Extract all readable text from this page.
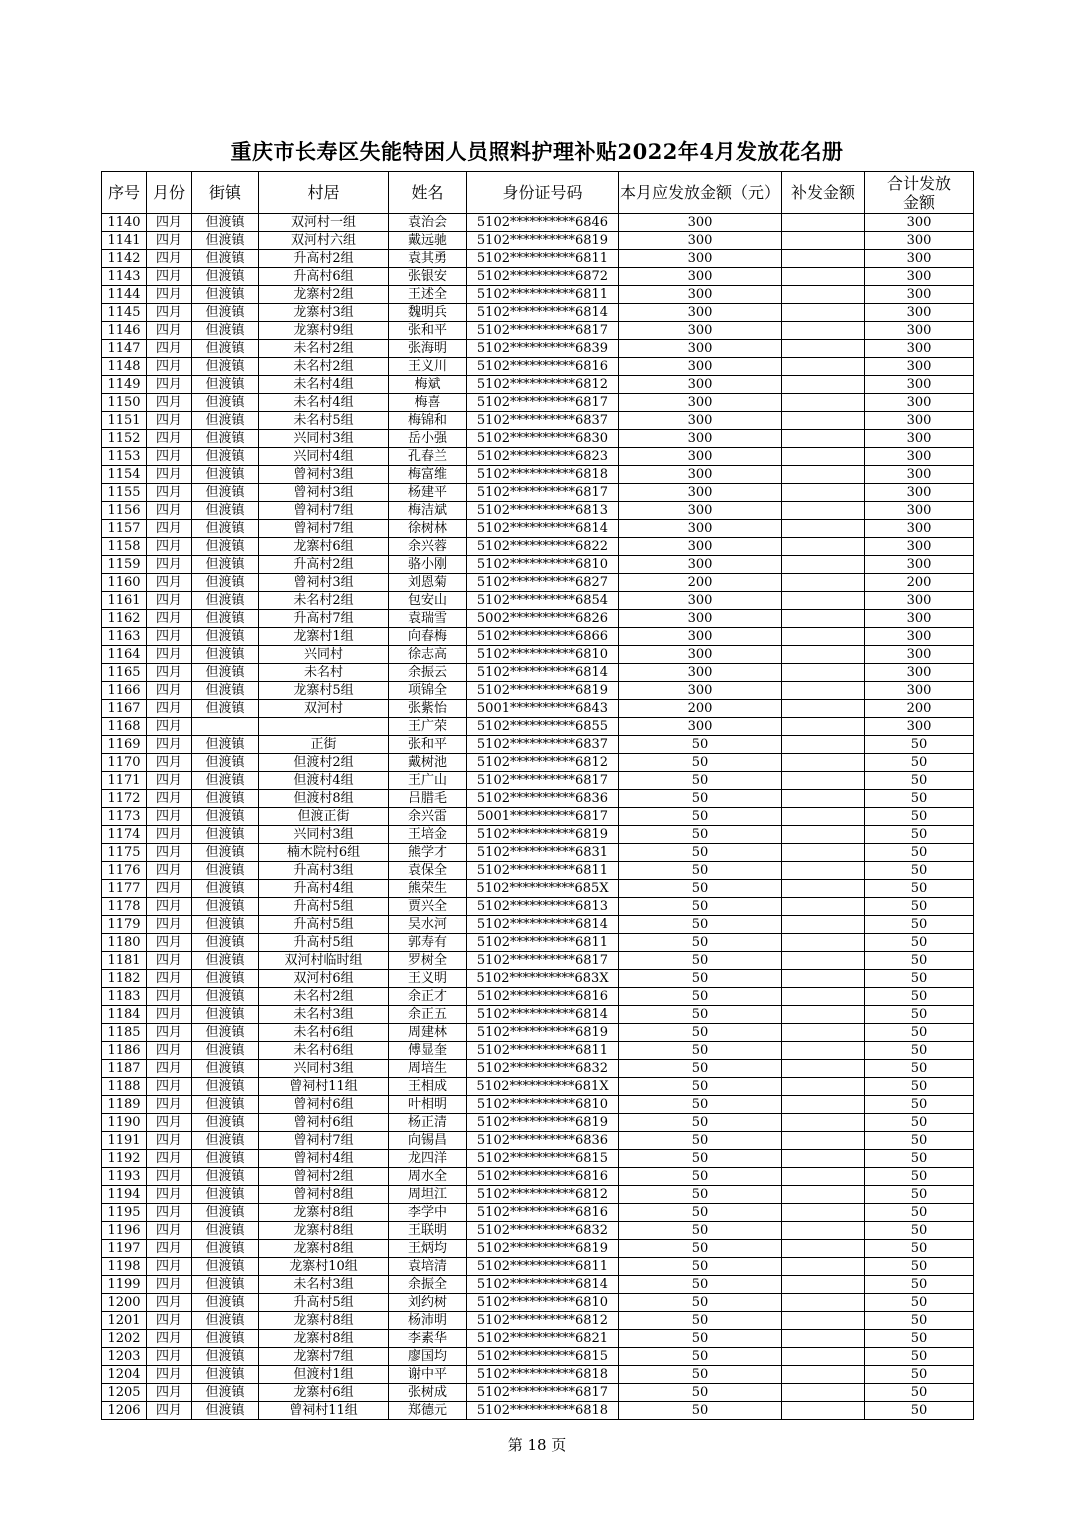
重庆市长寿区失能特困人员照料护理补贴2022年4月发放花名册
序号	月份	街镇	村居	姓名	身份证号码	本月应发放金额（元）	补发金额	合计发放金额
1140	四月	但渡镇	双河村一组	袁治会	5102**********6846	300		300
1141	四月	但渡镇	双河村六组	戴远驰	5102**********6819	300		300
1142	四月	但渡镇	升高村2组	袁其勇	5102**********6811	300		300
1143	四月	但渡镇	升高村6组	张银安	5102**********6872	300		300
1144	四月	但渡镇	龙寨村2组	王述全	5102**********6811	300		300
1145	四月	但渡镇	龙寨村3组	魏明兵	5102**********6814	300		300
1146	四月	但渡镇	龙寨村9组	张和平	5102**********6817	300		300
1147	四月	但渡镇	未名村2组	张海明	5102**********6839	300		300
1148	四月	但渡镇	未名村2组	王义川	5102**********6816	300		300
1149	四月	但渡镇	未名村4组	梅斌	5102**********6812	300		300
1150	四月	但渡镇	未名村4组	梅喜	5102**********6817	300		300
1151	四月	但渡镇	未名村5组	梅锦和	5102**********6837	300		300
1152	四月	但渡镇	兴同村3组	岳小强	5102**********6830	300		300
1153	四月	但渡镇	兴同村4组	孔春兰	5102**********6823	300		300
1154	四月	但渡镇	曾祠村3组	梅富维	5102**********6818	300		300
1155	四月	但渡镇	曾祠村3组	杨建平	5102**********6817	300		300
1156	四月	但渡镇	曾祠村7组	梅洁斌	5102**********6813	300		300
1157	四月	但渡镇	曾祠村7组	徐树林	5102**********6814	300		300
1158	四月	但渡镇	龙寨村6组	余兴蓉	5102**********6822	300		300
1159	四月	但渡镇	升高村2组	骆小刚	5102**********6810	300		300
1160	四月	但渡镇	曾祠村3组	刘恩菊	5102**********6827	200		200
1161	四月	但渡镇	未名村2组	包安山	5102**********6854	300		300
1162	四月	但渡镇	升高村7组	袁瑞雪	5002**********6826	300		300
1163	四月	但渡镇	龙寨村1组	向春梅	5102**********6866	300		300
1164	四月	但渡镇	兴同村	徐志高	5102**********6810	300		300
1165	四月	但渡镇	未名村	余振云	5102**********6814	300		300
1166	四月	但渡镇	龙寨村5组	项锦全	5102**********6819	300		300
1167	四月	但渡镇	双河村	张紫怡	5001**********6843	200		200
1168	四月			王广荣	5102**********6855	300		300
1169	四月	但渡镇	正街	张和平	5102**********6837	50		50
1170	四月	但渡镇	但渡村2组	戴树池	5102**********6812	50		50
1171	四月	但渡镇	但渡村4组	王广山	5102**********6817	50		50
1172	四月	但渡镇	但渡村8组	吕腊毛	5102**********6836	50		50
1173	四月	但渡镇	但渡正街	余兴雷	5001**********6817	50		50
1174	四月	但渡镇	兴同村3组	王培金	5102**********6819	50		50
1175	四月	但渡镇	楠木院村6组	熊学才	5102**********6831	50		50
1176	四月	但渡镇	升高村3组	袁保全	5102**********6811	50		50
1177	四月	但渡镇	升高村4组	熊荣生	5102**********685X	50		50
1178	四月	但渡镇	升高村5组	贾兴全	5102**********6813	50		50
1179	四月	但渡镇	升高村5组	吴水河	5102**********6814	50		50
1180	四月	但渡镇	升高村5组	郭寿有	5102**********6811	50		50
1181	四月	但渡镇	双河村临时组	罗树全	5102**********6817	50		50
1182	四月	但渡镇	双河村6组	王义明	5102**********683X	50		50
1183	四月	但渡镇	未名村2组	余正才	5102**********6816	50		50
1184	四月	但渡镇	未名村3组	余正五	5102**********6814	50		50
1185	四月	但渡镇	未名村6组	周建林	5102**********6819	50		50
1186	四月	但渡镇	未名村6组	傅显奎	5102**********6811	50		50
1187	四月	但渡镇	兴同村3组	周培生	5102**********6832	50		50
1188	四月	但渡镇	曾祠村11组	王相成	5102**********681X	50		50
1189	四月	但渡镇	曾祠村6组	叶相明	5102**********6810	50		50
1190	四月	但渡镇	曾祠村6组	杨正清	5102**********6819	50		50
1191	四月	但渡镇	曾祠村7组	向锡昌	5102**********6836	50		50
1192	四月	但渡镇	曾祠村4组	龙四洋	5102**********6815	50		50
1193	四月	但渡镇	曾祠村2组	周水全	5102**********6816	50		50
1194	四月	但渡镇	曾祠村8组	周坦江	5102**********6812	50		50
1195	四月	但渡镇	龙寨村8组	李学中	5102**********6816	50		50
1196	四月	但渡镇	龙寨村8组	王联明	5102**********6832	50		50
1197	四月	但渡镇	龙寨村8组	王炳均	5102**********6819	50		50
1198	四月	但渡镇	龙寨村10组	袁培清	5102**********6811	50		50
1199	四月	但渡镇	未名村3组	余振全	5102**********6814	50		50
1200	四月	但渡镇	升高村5组	刘约树	5102**********6810	50		50
1201	四月	但渡镇	龙寨村8组	杨沛明	5102**********6812	50		50
1202	四月	但渡镇	龙寨村8组	李素华	5102**********6821	50		50
1203	四月	但渡镇	龙寨村7组	廖国均	5102**********6815	50		50
1204	四月	但渡镇	但渡村1组	谢中平	5102**********6818	50		50
1205	四月	但渡镇	龙寨村6组	张树成	5102**********6817	50		50
1206	四月	但渡镇	曾祠村11组	郑德元	5102**********6818	50		50
第 18 页
